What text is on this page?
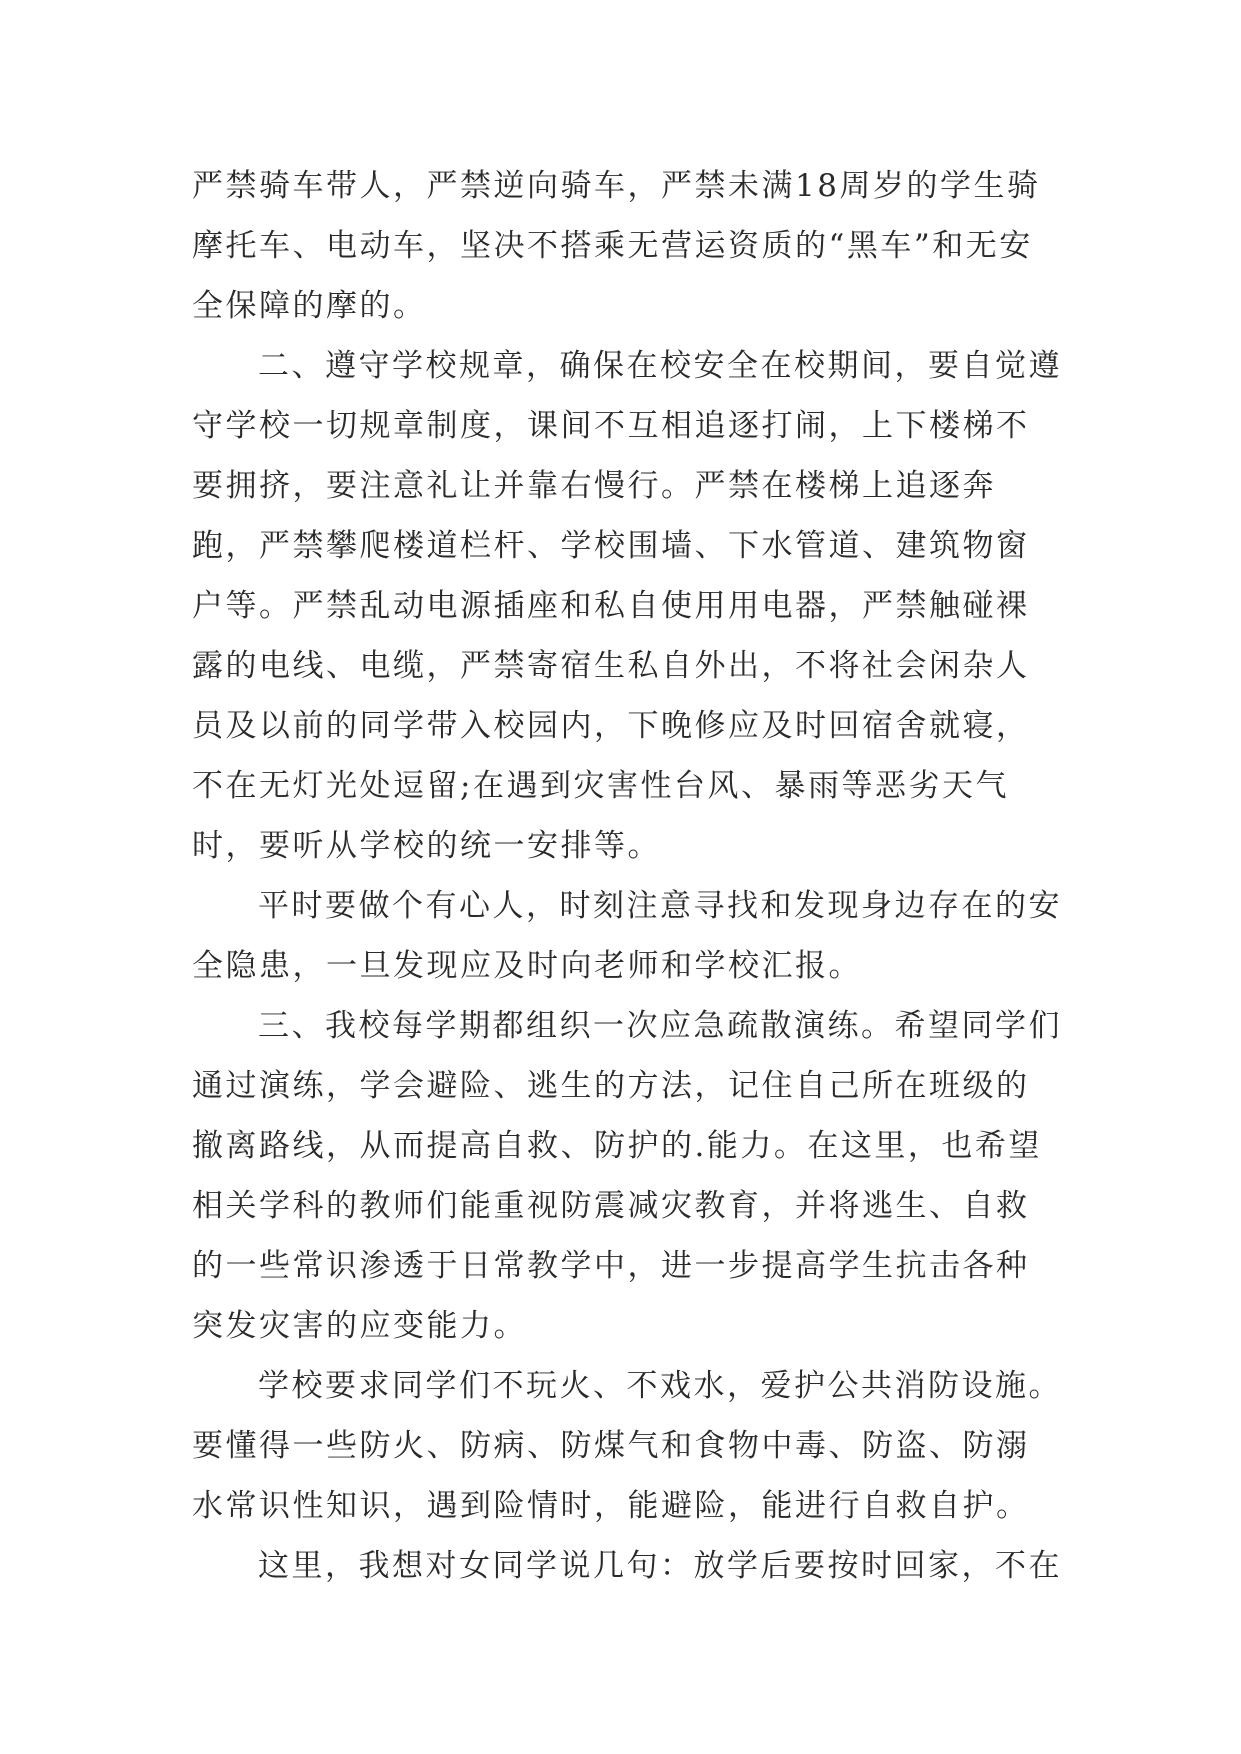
严禁骑车带人，严禁逆向骑车，严禁未满18周岁的学生骑摩托车、电动车，坚决不搭乘无营运资质的“黑车”和无安全保障的摩的。

二、遵守学校规章，确保在校安全在校期间，要自觉遵守学校一切规章制度，课间不互相追逐打闹，上下楼梯不要拥挤，要注意礼让并靠右慢行。严禁在楼梯上追逐奔跑，严禁攀爬楼道栏杆、学校围墙、下水管道、建筑物窗户等。严禁乱动电源插座和私自使用用电器，严禁触碰裸露的电线、电缆，严禁寄宿生私自外出，不将社会闲杂人员及以前的同学带入校园内，下晚修应及时回宿舍就寝，不在无灯光处逗留;在遇到灾害性台风、暴雨等恶劣天气时，要听从学校的统一安排等。

平时要做个有心人，时刻注意寻找和发现身边存在的安全隐患，一旦发现应及时向老师和学校汇报。

三、我校每学期都组织一次应急疏散演练。希望同学们通过演练，学会避险、逃生的方法，记住自己所在班级的撤离路线，从而提高自救、防护的.能力。在这里，也希望相关学科的教师们能重视防震减灾教育，并将逃生、自救的一些常识渗透于日常教学中，进一步提高学生抗击各种突发灾害的应变能力。

学校要求同学们不玩火、不戏水，爱护公共消防设施。要懂得一些防火、防病、防煤气和食物中毒、防盗、防溺水常识性知识，遇到险情时，能避险，能进行自救自护。

这里，我想对女同学说几句：放学后要按时回家，不在
